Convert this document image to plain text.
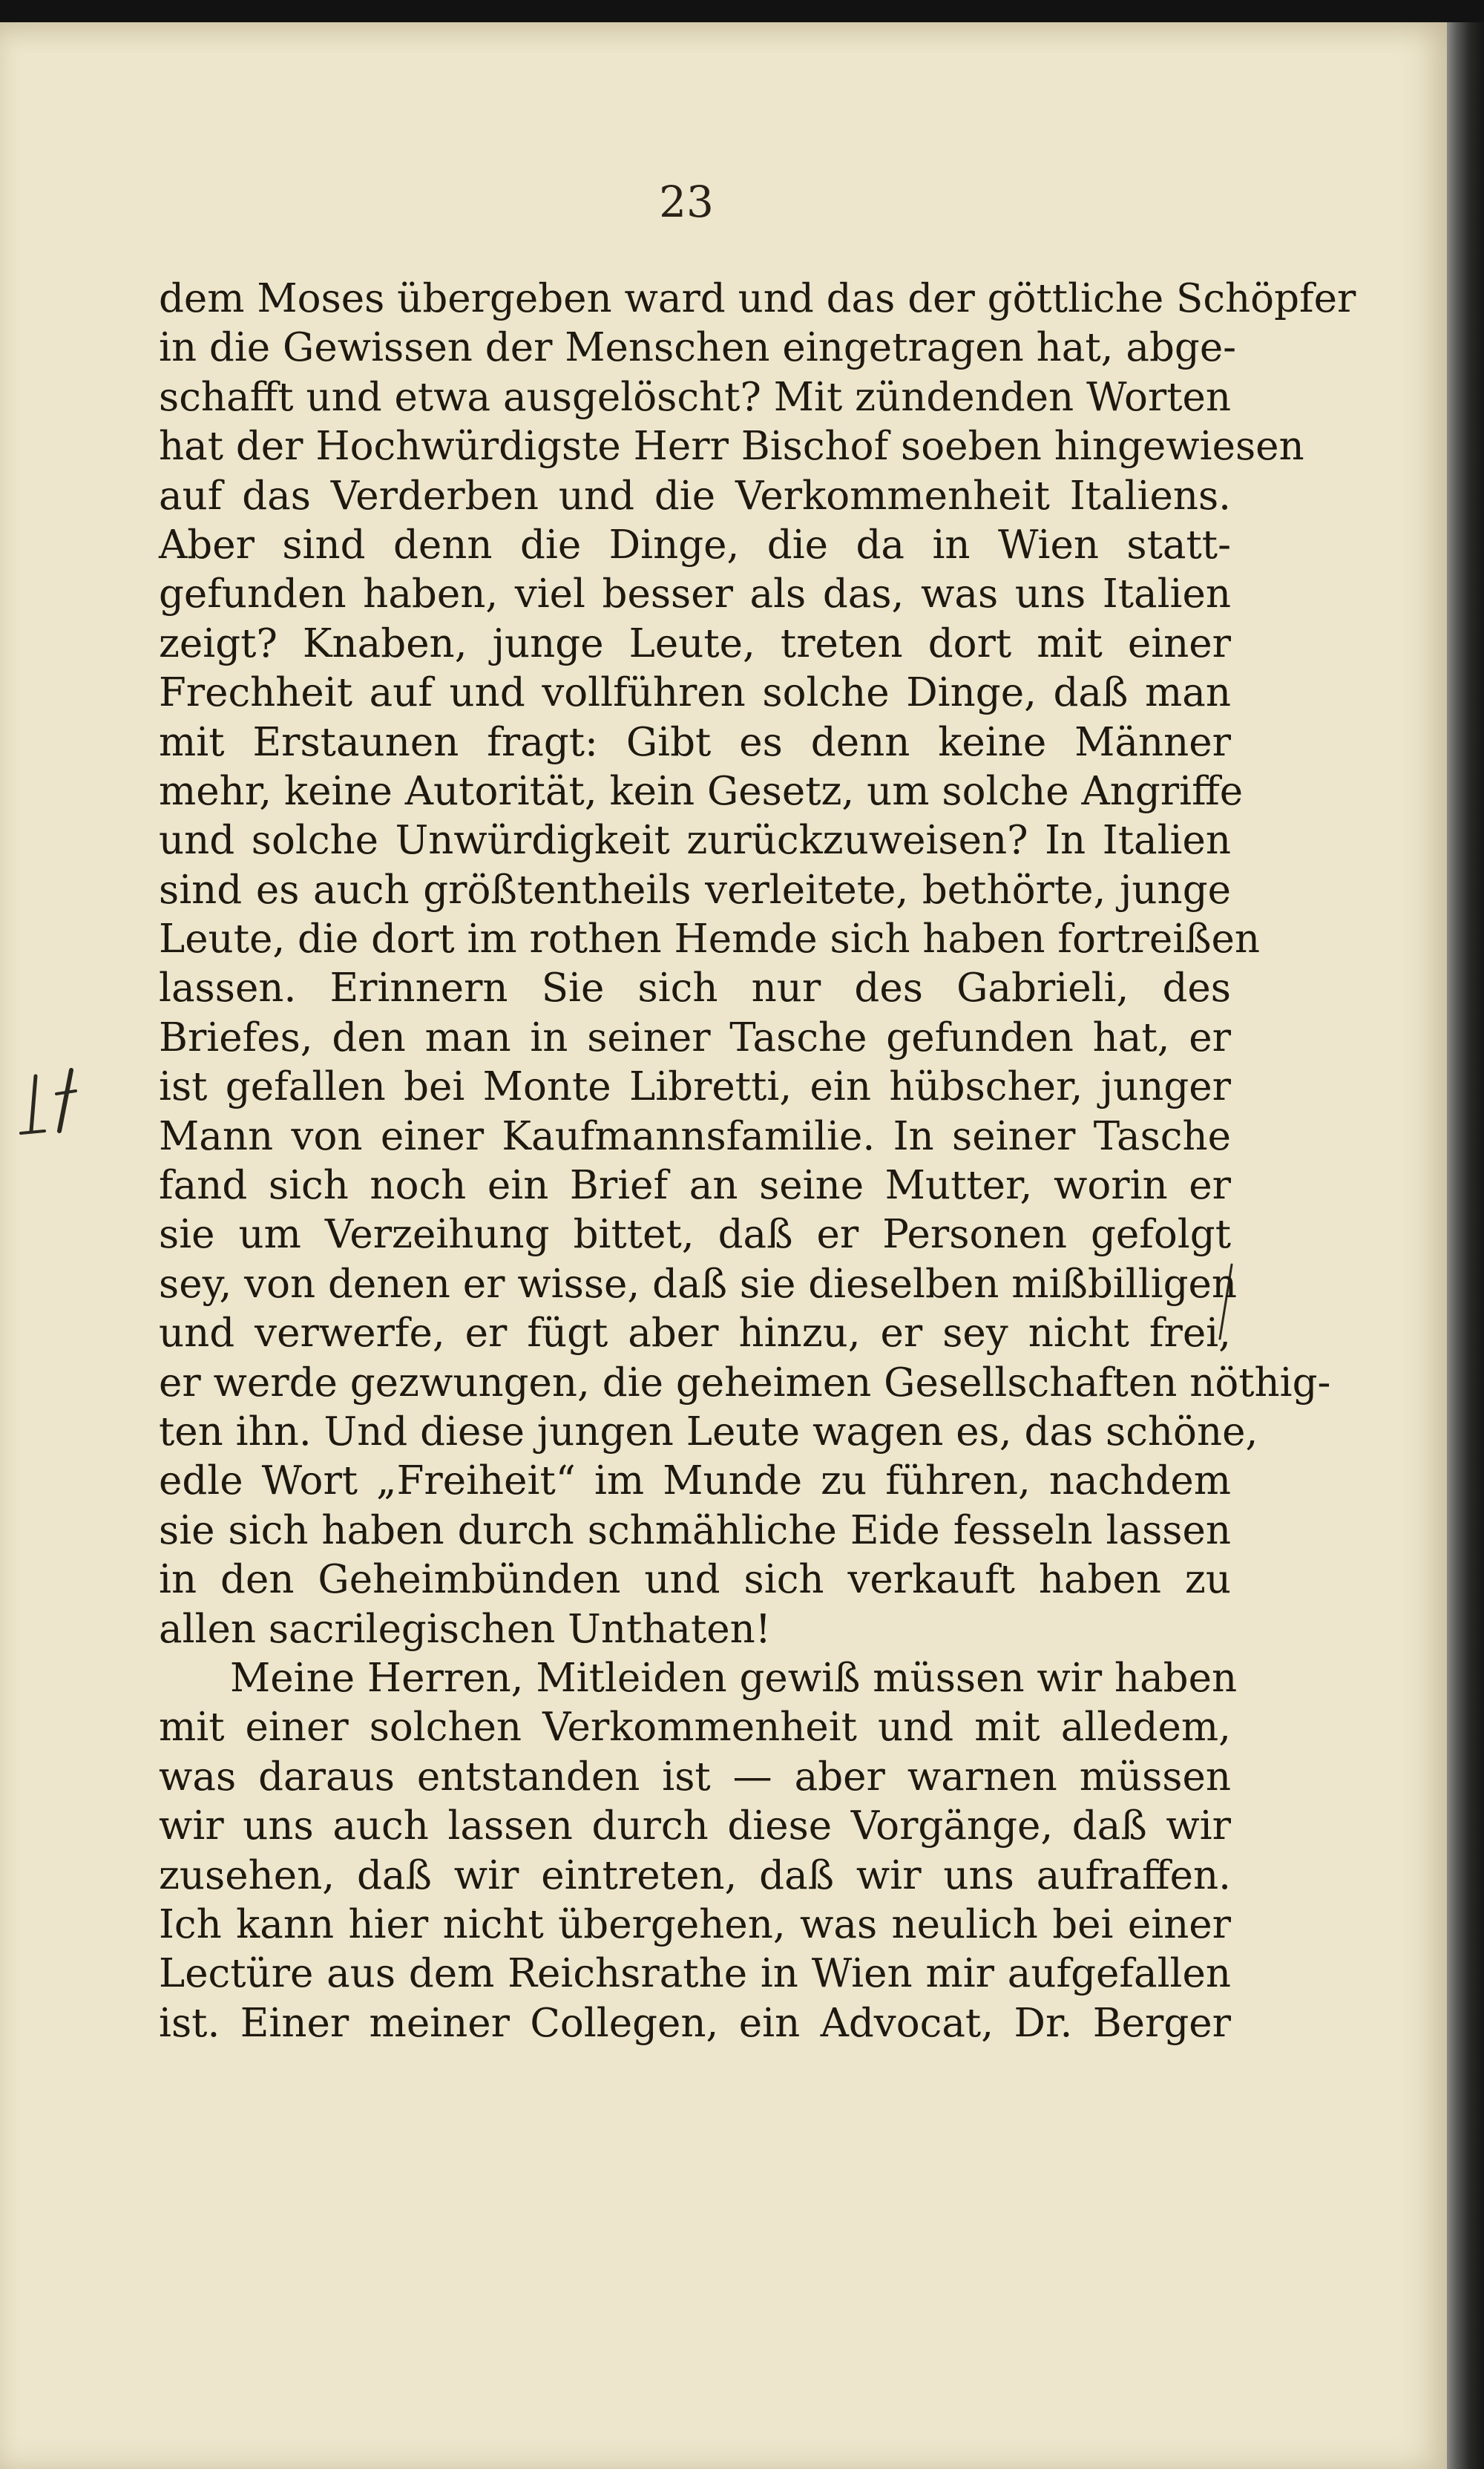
23
dem Moses übergeben ward und das der göttliche Schöpfer
in die Gewissen der Menschen eingetragen hat, abge-
schafft und etwa ausgelöscht? Mit zündenden Worten
hat der Hochwürdigste Herr Bischof soeben hingewiesen
auf das Verderben und die Verkommenheit Italiens.
Aber sind denn die Dinge, die da in Wien statt-
gefunden haben, viel besser als das, was uns Italien
zeigt? Knaben, junge Leute, treten dort mit einer
Frechheit auf und vollführen solche Dinge, daß man
mit Erstaunen fragt: Gibt es denn keine Männer
mehr, keine Autorität, kein Gesetz, um solche Angriffe
und solche Unwürdigkeit zurückzuweisen? In Italien
sind es auch größtentheils verleitete, bethörte, junge
Leute, die dort im rothen Hemde sich haben fortreißen
lassen. Erinnern Sie sich nur des Gabrieli, des
Briefes, den man in seiner Tasche gefunden hat, er
ist gefallen bei Monte Libretti, ein hübscher, junger
Mann von einer Kaufmannsfamilie. In seiner Tasche
fand sich noch ein Brief an seine Mutter, worin er
sie um Verzeihung bittet, daß er Personen gefolgt
sey, von denen er wisse, daß sie dieselben mißbilligen
und verwerfe, er fügt aber hinzu, er sey nicht frei,
er werde gezwungen, die geheimen Gesellschaften nöthig-
ten ihn. Und diese jungen Leute wagen es, das schöne,
edle Wort „Freiheit“ im Munde zu führen, nachdem
sie sich haben durch schmähliche Eide fesseln lassen
in den Geheimbünden und sich verkauft haben zu
allen sacrilegischen Unthaten!
Meine Herren, Mitleiden gewiß müssen wir haben
mit einer solchen Verkommenheit und mit alledem,
was daraus entstanden ist — aber warnen müssen
wir uns auch lassen durch diese Vorgänge, daß wir
zusehen, daß wir eintreten, daß wir uns aufraffen.
Ich kann hier nicht übergehen, was neulich bei einer
Lectüre aus dem Reichsrathe in Wien mir aufgefallen
ist. Einer meiner Collegen, ein Advocat, Dr. Berger
